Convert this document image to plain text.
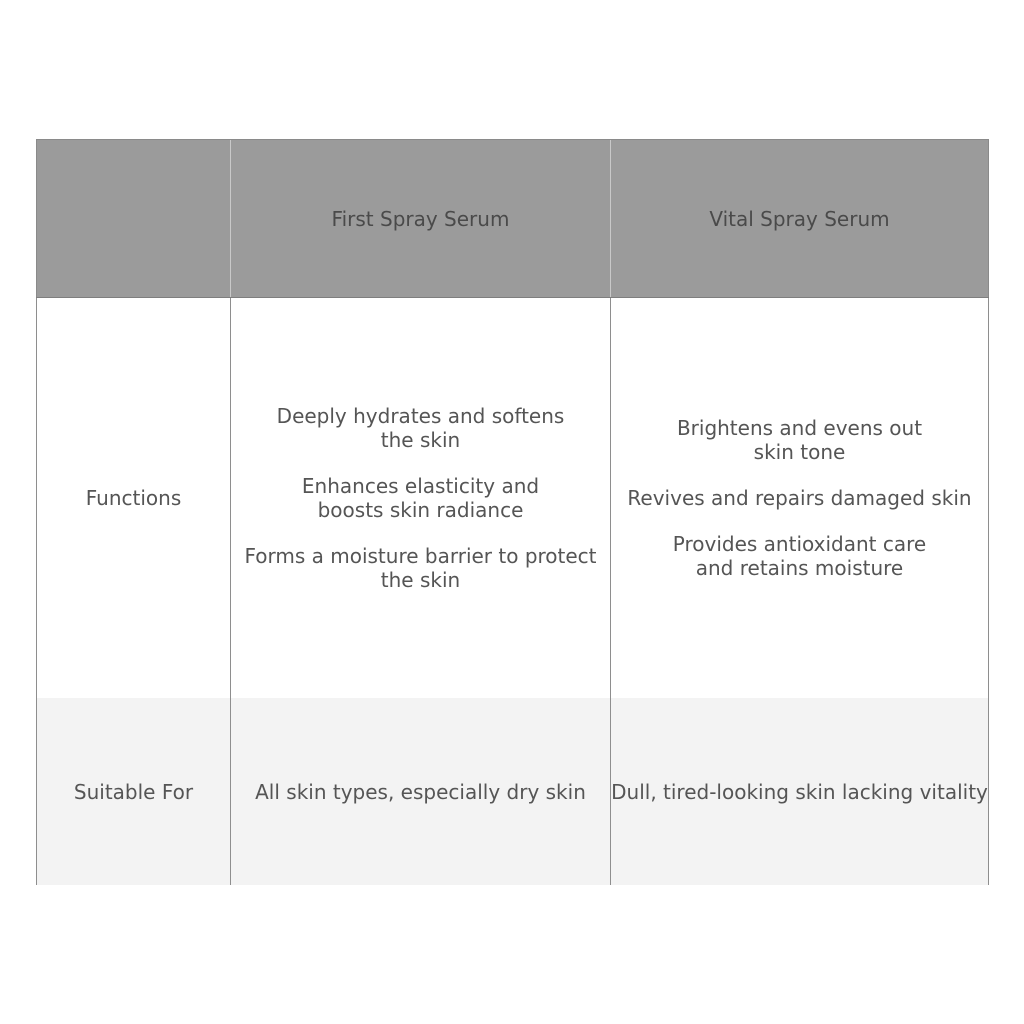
First Spray Serum	Vital Spray Serum
Functions
Deeply hydrates and softens
the skin
Enhances elasticity and
boosts skin radiance
Forms a moisture barrier to protect
the skin
Brightens and evens out
skin tone
Revives and repairs damaged skin
Provides antioxidant care
and retains moisture
Suitable For	All skin types, especially dry skin Dull, tired-looking skin lacking vitality
